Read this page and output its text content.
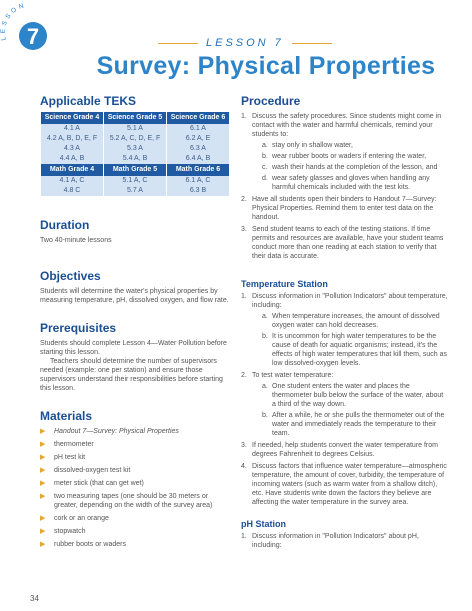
LESSON
7	LESSON 7
Survey: Physical Properties
Applicable TEKS
Science Grade 4	Science Grade 5	Science Grade 6
4.1 A	5.1 A	6.1 A
4.2 A, B, D, E, F	5.2 A, C, D, E, F	6.2 A, E
4.3 A	5.3 A	6.3 A
4.4 A, B	5.4 A, B	6.4 A, B
Math Grade 4	Math Grade 5	Math Grade 6
4.1 A, C	5.1 A, C	6.1 A, C
4.8 C	5.7 A	6.3 B
Duration

Two 40-minute lessons

Objectives

Students will determine the water's physical properties by measuring temperature, pH, dissolved oxygen, and flow rate.

Prerequisites

Students should complete Lesson 4—Water Pollution before starting this lesson.

Teachers should determine the number of supervisors needed (example: one per station) and ensure those supervisors understand their responsibilities before starting this lesson.

Materials
▶ Handout 7—Survey: Physical Properties
▶ thermometer
▶ pH test kit
▶ dissolved-oxygen test kit
▶ meter stick (that can get wet)
▶ two measuring tapes (one should be 30 meters or greater, depending on the width of the survey area)
▶ cork or an orange
▶ stopwatch
▶ rubber boots or waders
Procedure
1. Discuss the safety procedures. Since students might come in contact with the water and harmful chemicals, remind your students to:
a. stay only in shallow water,
b. wear rubber boots or waders if entering the water,
c. wash their hands at the completion of the lesson, and
d. wear safety glasses and gloves when handling any harmful chemicals included with the test kits.
2. Have all students open their binders to Handout 7—Survey: Physical Properties. Remind them to enter test data on the handout.
3. Send student teams to each of the testing stations. If time permits and resources are available, have your student teams conduct more than one reading at each station to verify that their data is accurate.
Temperature Station
1. Discuss information in "Pollution Indicators" about temperature, including:
a. When temperature increases, the amount of dissolved oxygen water can hold decreases.
b. It is uncommon for high water temperatures to be the cause of death for aquatic organisms; instead, it's the effects of high water temperatures that kill them, such as low dissolved-oxygen levels.
2. To test water temperature:
a. One student enters the water and places the thermometer bulb below the surface of the water, about a third of the way down.
b. After a while, he or she pulls the thermometer out of the water and immediately reads the temperature to their team.
3. If needed, help students convert the water temperature from degrees Fahrenheit to degrees Celsius.
4. Discuss factors that influence water temperature—atmospheric temperature, the amount of cover, turbidity, the temperature of incoming waters (such as warm water from a shallow ditch), etc. Have students write down the factors they believe are affecting the water temperature in the survey area.
pH Station
1. Discuss information in "Pollution Indicators" about pH, including:
34
